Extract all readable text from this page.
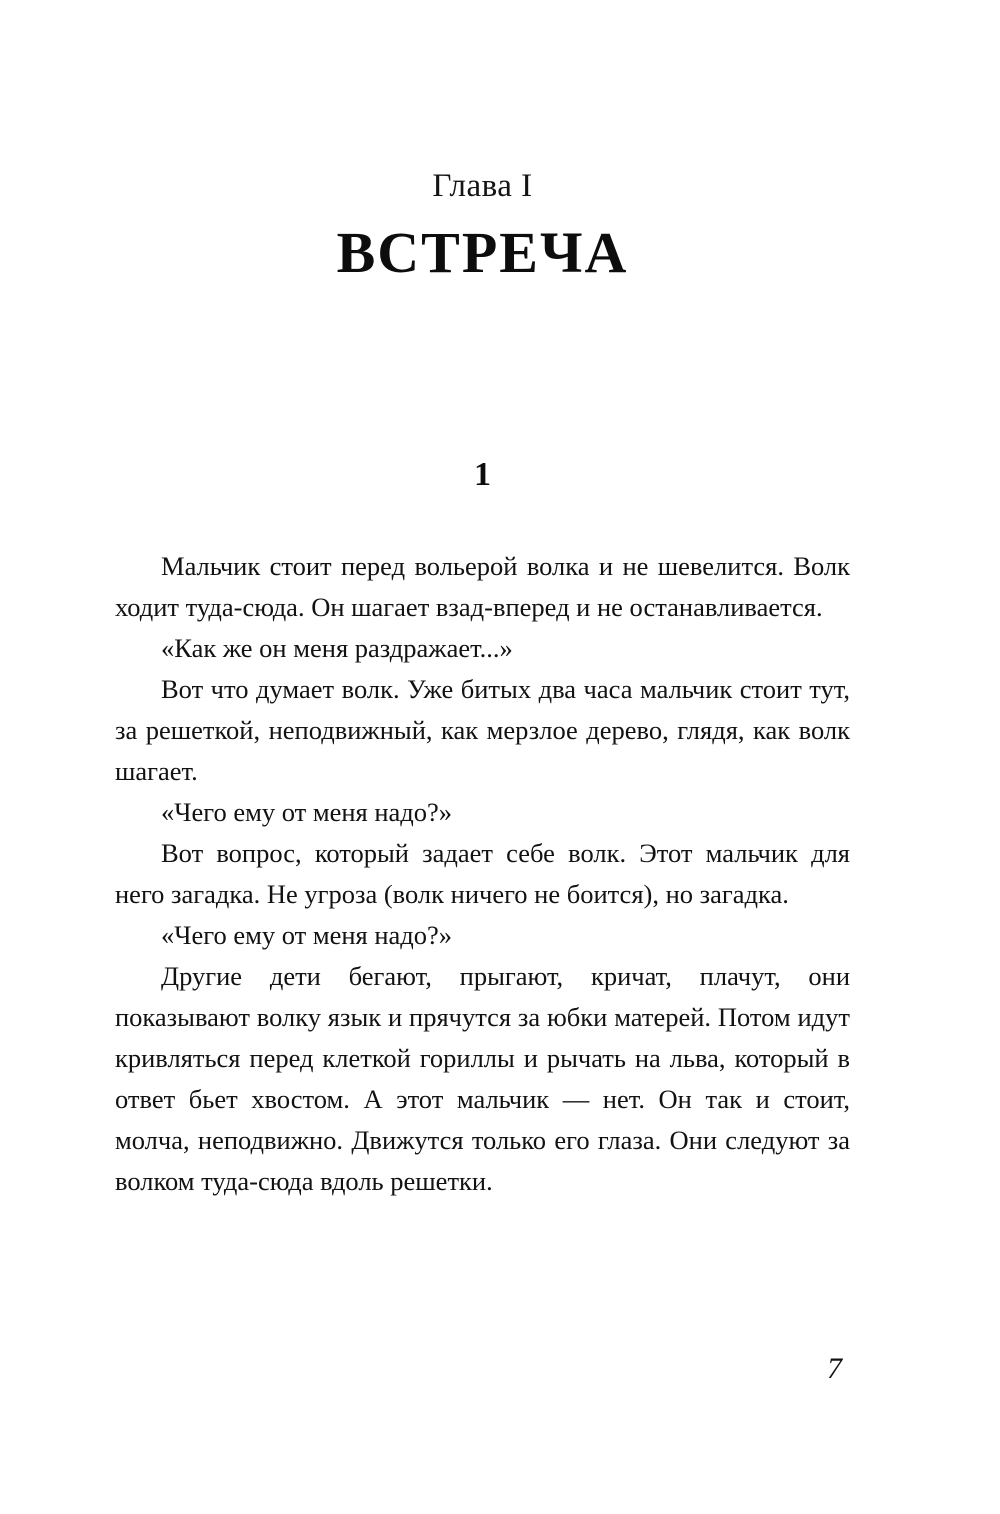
Глава I
ВСТРЕЧА
1

Мальчик стоит перед вольерой волка и не шевелится. Волк ходит туда-сюда. Он шагает взад-вперед и не останавливается.

«Как же он меня раздражает...»

Вот что думает волк. Уже битых два часа мальчик стоит тут, за решеткой, неподвижный, как мерзлое дерево, глядя, как волк шагает.

«Чего ему от меня надо?»

Вот вопрос, который задает себе волк. Этот мальчик для него загадка. Не угроза (волк ничего не боится), но загадка.

«Чего ему от меня надо?»

Другие дети бегают, прыгают, кричат, плачут, они показывают волку язык и прячутся за юбки матерей. Потом идут кривляться перед клеткой гориллы и рычать на льва, который в ответ бьет хвостом. А этот мальчик — нет. Он так и стоит, молча, неподвижно. Движутся только его глаза. Они следуют за волком туда-сюда вдоль решетки.

7
